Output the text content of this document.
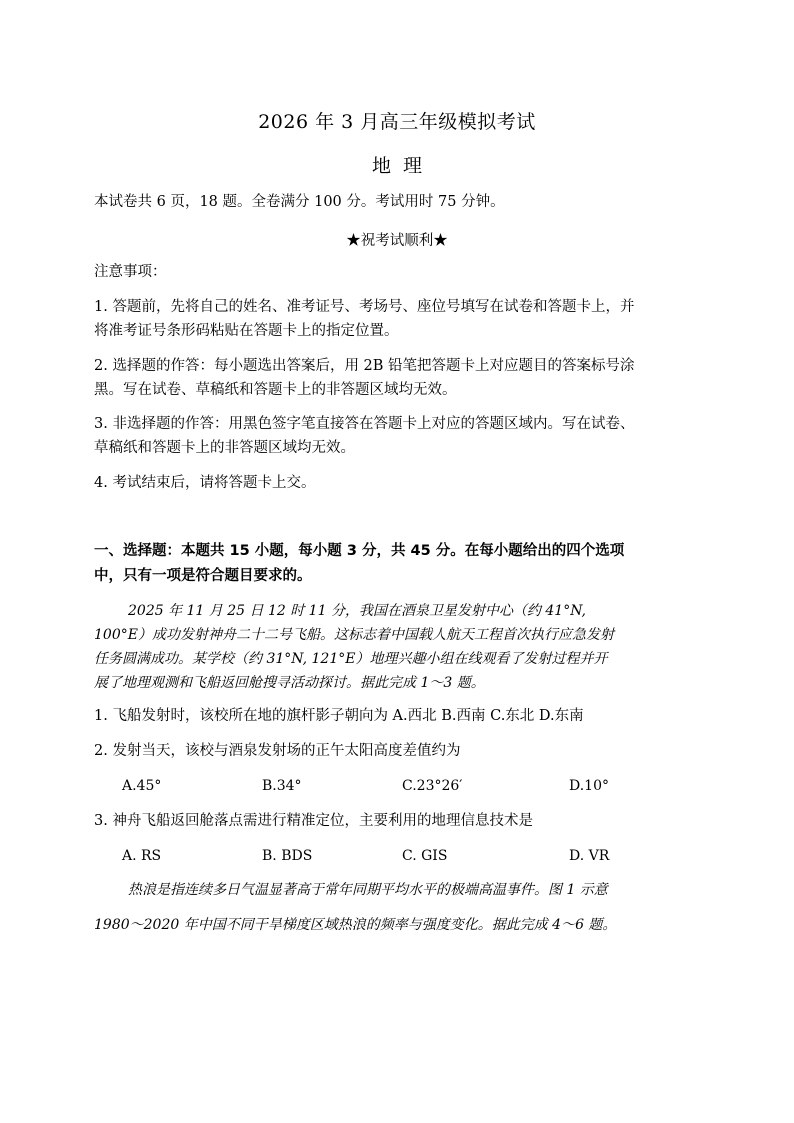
2026 年 3 月高三年级模拟考试
地 理
本试卷共 6 页，18 题。全卷满分 100 分。考试用时 75 分钟。
★祝考试顺利★
注意事项：
1. 答题前，先将自己的姓名、准考证号、考场号、座位号填写在试卷和答题卡上，并
将准考证号条形码粘贴在答题卡上的指定位置。
2. 选择题的作答：每小题选出答案后，用 2B 铅笔把答题卡上对应题目的答案标号涂
黑。写在试卷、草稿纸和答题卡上的非答题区域均无效。
3. 非选择题的作答：用黑色签字笔直接答在答题卡上对应的答题区域内。写在试卷、
草稿纸和答题卡上的非答题区域均无效。
4. 考试结束后，请将答题卡上交。
一、选择题：本题共 15 小题，每小题 3 分，共 45 分。在每小题给出的四个选项
中，只有一项是符合题目要求的。
2025 年 11 月 25 日 12 时 11 分，我国在酒泉卫星发射中心（约 41°N,
100°E）成功发射神舟二十二号飞船。这标志着中国载人航天工程首次执行应急发射
任务圆满成功。某学校（约 31°N, 121°E）地理兴趣小组在线观看了发射过程并开
展了地理观测和飞船返回舱搜寻活动探讨。据此完成 1～3 题。
1. 飞船发射时，该校所在地的旗杆影子朝向为 A.西北 B.西南 C.东北 D.东南
2. 发射当天，该校与酒泉发射场的正午太阳高度差值约为
A.45°	B.34°	C.23°26′	D.10°
3. 神舟飞船返回舱落点需进行精准定位，主要利用的地理信息技术是
A. RS	B. BDS	C. GIS	D. VR
热浪是指连续多日气温显著高于常年同期平均水平的极端高温事件。图 1 示意
1980～2020 年中国不同干旱梯度区域热浪的频率与强度变化。据此完成 4～6 题。
